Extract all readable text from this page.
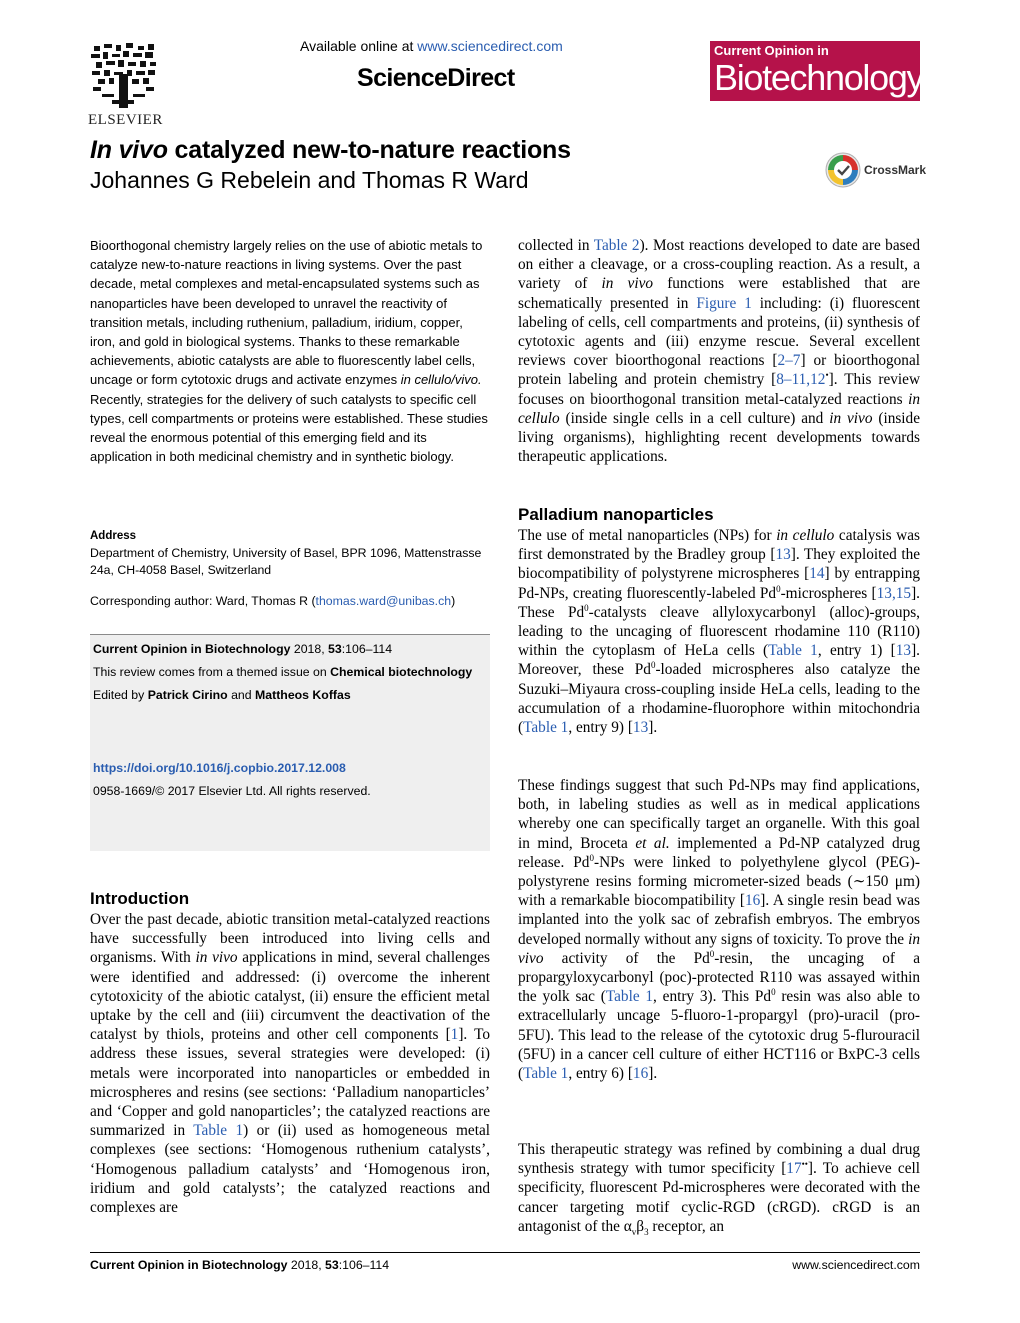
ELSEVIER
Available online at www.sciencedirect.com
ScienceDirect
Current Opinion in
Biotechnology
In vivo catalyzed new-to-nature reactions
Johannes G Rebelein and Thomas R Ward	CrossMark
Bioorthogonal chemistry largely relies on the use of abiotic metals to catalyze new-to-nature reactions in living systems. Over the past decade, metal complexes and metal-encapsulated systems such as nanoparticles have been developed to unravel the reactivity of transition metals, including ruthenium, palladium, iridium, copper, iron, and gold in biological systems. Thanks to these remarkable achievements, abiotic catalysts are able to fluorescently label cells, uncage or form cytotoxic drugs and activate enzymes in cellulo/vivo. Recently, strategies for the delivery of such catalysts to specific cell types, cell compartments or proteins were established. These studies reveal the enormous potential of this emerging field and its application in both medicinal chemistry and in synthetic biology.
Address
Department of Chemistry, University of Basel, BPR 1096, Mattenstrasse 24a, CH-4058 Basel, Switzerland
Corresponding author: Ward, Thomas R (thomas.ward@unibas.ch)
Current Opinion in Biotechnology 2018, 53:106–114
This review comes from a themed issue on Chemical biotechnology
Edited by Patrick Cirino and Mattheos Koffas
https://doi.org/10.1016/j.copbio.2017.12.008
0958-1669/© 2017 Elsevier Ltd. All rights reserved.
Introduction

Over the past decade, abiotic transition metal-catalyzed reactions have successfully been introduced into living cells and organisms. With in vivo applications in mind, several challenges were identified and addressed: (i) overcome the inherent cytotoxicity of the abiotic catalyst, (ii) ensure the efficient metal uptake by the cell and (iii) circumvent the deactivation of the catalyst by thiols, proteins and other cell components [1]. To address these issues, several strategies were developed: (i) metals were incorporated into nanoparticles or embedded in microspheres and resins (see sections: ‘Palladium nanoparticles’ and ‘Copper and gold nanoparticles’; the catalyzed reactions are summarized in Table 1) or (ii) used as homogeneous metal complexes (see sections: ‘Homogenous ruthenium catalysts’, ‘Homogenous palladium catalysts’ and ‘Homogenous iron, iridium and gold catalysts’; the catalyzed reactions and complexes are

collected in Table 2). Most reactions developed to date are based on either a cleavage, or a cross-coupling reaction. As a result, a variety of in vivo functions were established that are schematically presented in Figure 1 including: (i) fluorescent labeling of cells, cell compartments and proteins, (ii) synthesis of cytotoxic agents and (iii) enzyme rescue. Several excellent reviews cover bioorthogonal reactions [2–7] or bioorthogonal protein labeling and protein chemistry [8–11,12•]. This review focuses on bioorthogonal transition metal-catalyzed reactions in cellulo (inside single cells in a cell culture) and in vivo (inside living organisms), highlighting recent developments towards therapeutic applications.

Palladium nanoparticles

The use of metal nanoparticles (NPs) for in cellulo catalysis was first demonstrated by the Bradley group [13]. They exploited the biocompatibility of polystyrene microspheres [14] by entrapping Pd-NPs, creating fluorescently-labeled Pd$^0$-microspheres [13,15]. These Pd$^0$-catalysts cleave allyloxycarbonyl (alloc)-groups, leading to the uncaging of fluorescent rhodamine 110 (R110) within the cytoplasm of HeLa cells (Table 1, entry 1) [13]. Moreover, these Pd$^0$-loaded microspheres also catalyze the Suzuki–Miyaura cross-coupling inside HeLa cells, leading to the accumulation of a rhodamine-fluorophore within mitochondria (Table 1, entry 9) [13].

These findings suggest that such Pd-NPs may find applications, both, in labeling studies as well as in medical applications whereby one can specifically target an organelle. With this goal in mind, Broceta et al. implemented a Pd-NP catalyzed drug release. Pd$^0$-NPs were linked to polyethylene glycol (PEG)-polystyrene resins forming micrometer-sized beads (∼150 μm) with a remarkable biocompatibility [16]. A single resin bead was implanted into the yolk sac of zebrafish embryos. The embryos developed normally without any signs of toxicity. To prove the in vivo activity of the Pd$^0$-resin, the uncaging of a propargyloxycarbonyl (poc)-protected R110 was assayed within the yolk sac (Table 1, entry 3). This Pd$^0$ resin was also able to extracellularly uncage 5-fluoro-1-propargyl (pro)-uracil (pro-5FU). This lead to the release of the cytotoxic drug 5-flurouracil (5FU) in a cancer cell culture of either HCT116 or BxPC-3 cells (Table 1, entry 6) [16].

This therapeutic strategy was refined by combining a dual drug synthesis strategy with tumor specificity [17••]. To achieve cell specificity, fluorescent Pd-microspheres were decorated with the cancer targeting motif cyclic-RGD (cRGD). cRGD is an antagonist of the $\alpha_v\beta_3$ receptor, an

Current Opinion in Biotechnology 2018, 53:106–114	www.sciencedirect.com
